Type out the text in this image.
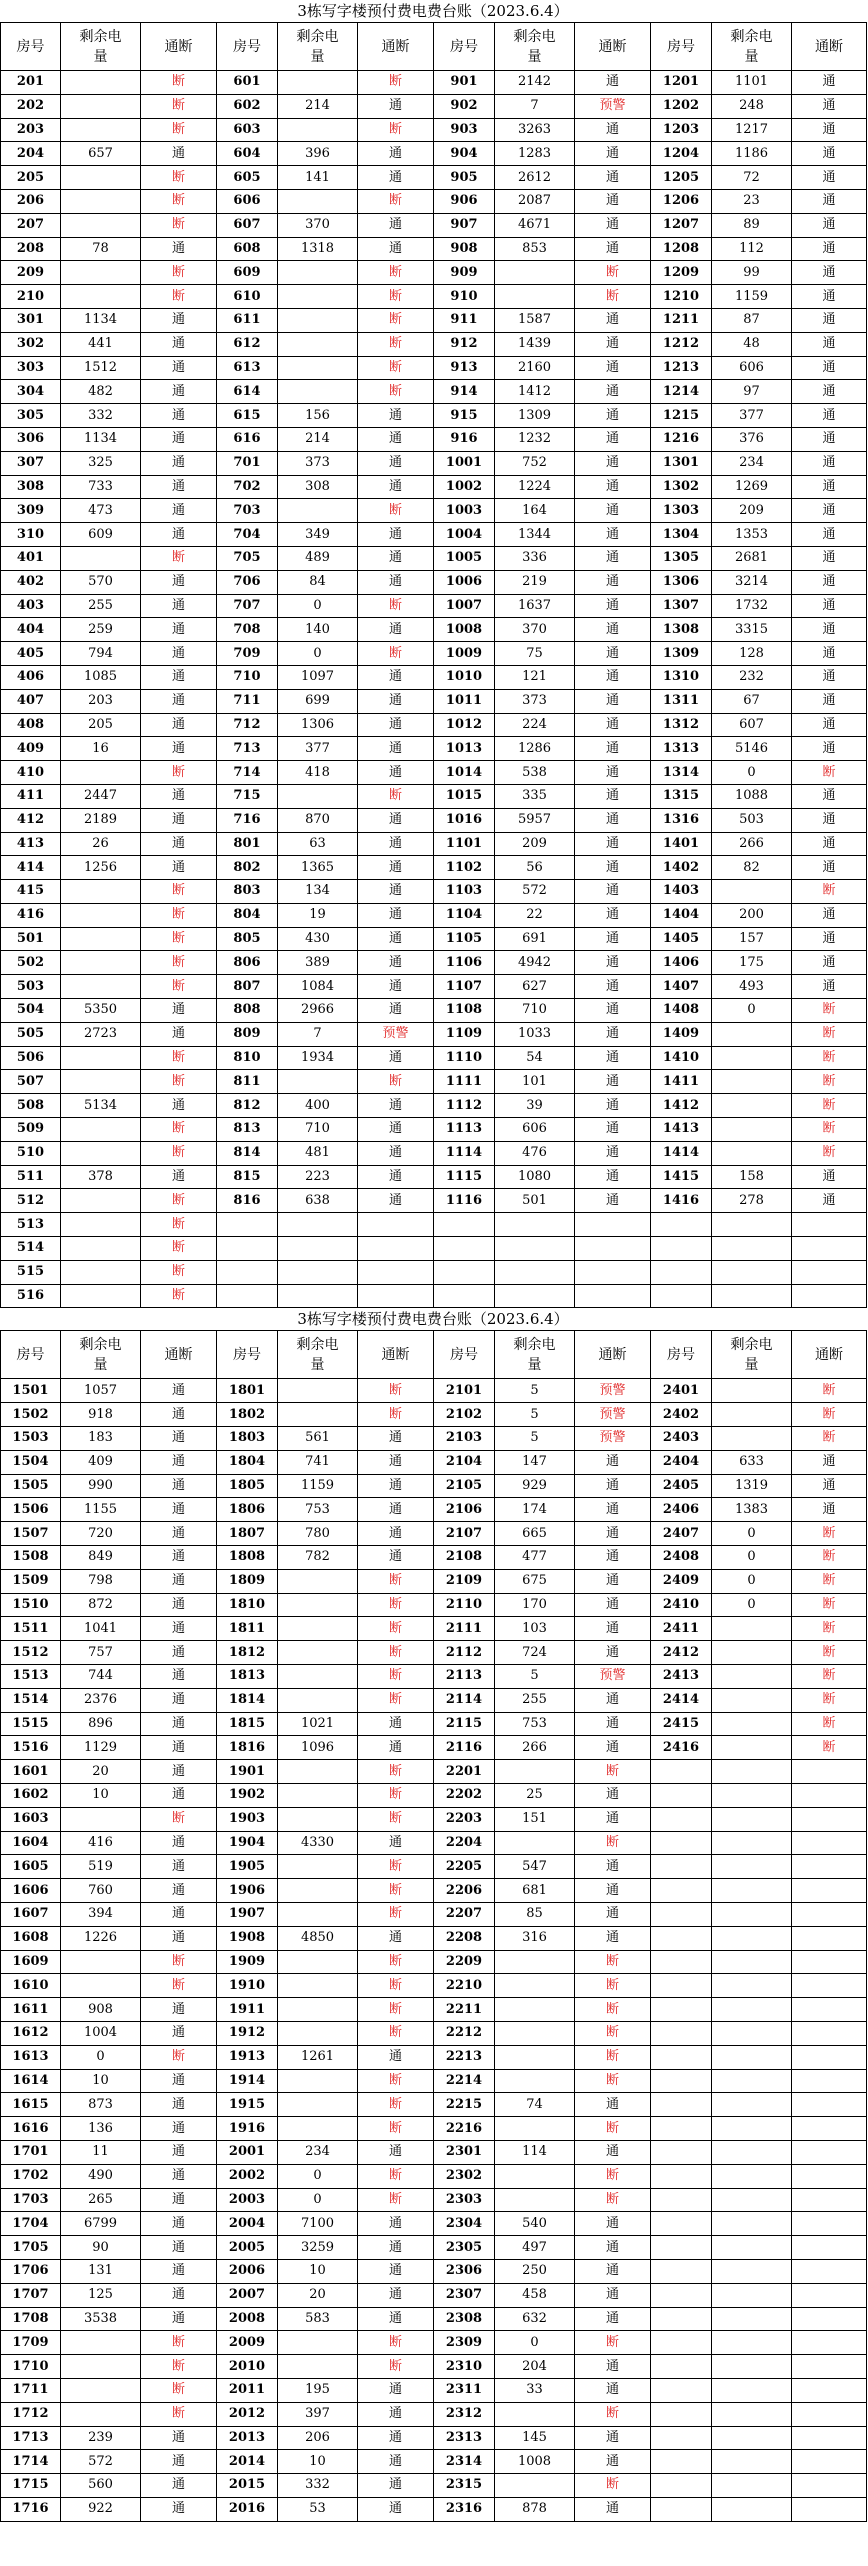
3栋写字楼预付费电费台账（2023.6.4）
房号	剩余电量	通断	房号	剩余电量	通断	房号	剩余电量	通断	房号	剩余电量	通断
201		断	601		断	901	2142	通	1201	1101	通
202		断	602	214	通	902	7	预警	1202	248	通
203		断	603		断	903	3263	通	1203	1217	通
204	657	通	604	396	通	904	1283	通	1204	1186	通
205		断	605	141	通	905	2612	通	1205	72	通
206		断	606		断	906	2087	通	1206	23	通
207		断	607	370	通	907	4671	通	1207	89	通
208	78	通	608	1318	通	908	853	通	1208	112	通
209		断	609		断	909		断	1209	99	通
210		断	610		断	910		断	1210	1159	通
301	1134	通	611		断	911	1587	通	1211	87	通
302	441	通	612		断	912	1439	通	1212	48	通
303	1512	通	613		断	913	2160	通	1213	606	通
304	482	通	614		断	914	1412	通	1214	97	通
305	332	通	615	156	通	915	1309	通	1215	377	通
306	1134	通	616	214	通	916	1232	通	1216	376	通
307	325	通	701	373	通	1001	752	通	1301	234	通
308	733	通	702	308	通	1002	1224	通	1302	1269	通
309	473	通	703		断	1003	164	通	1303	209	通
310	609	通	704	349	通	1004	1344	通	1304	1353	通
401		断	705	489	通	1005	336	通	1305	2681	通
402	570	通	706	84	通	1006	219	通	1306	3214	通
403	255	通	707	0	断	1007	1637	通	1307	1732	通
404	259	通	708	140	通	1008	370	通	1308	3315	通
405	794	通	709	0	断	1009	75	通	1309	128	通
406	1085	通	710	1097	通	1010	121	通	1310	232	通
407	203	通	711	699	通	1011	373	通	1311	67	通
408	205	通	712	1306	通	1012	224	通	1312	607	通
409	16	通	713	377	通	1013	1286	通	1313	5146	通
410		断	714	418	通	1014	538	通	1314	0	断
411	2447	通	715		断	1015	335	通	1315	1088	通
412	2189	通	716	870	通	1016	5957	通	1316	503	通
413	26	通	801	63	通	1101	209	通	1401	266	通
414	1256	通	802	1365	通	1102	56	通	1402	82	通
415		断	803	134	通	1103	572	通	1403		断
416		断	804	19	通	1104	22	通	1404	200	通
501		断	805	430	通	1105	691	通	1405	157	通
502		断	806	389	通	1106	4942	通	1406	175	通
503		断	807	1084	通	1107	627	通	1407	493	通
504	5350	通	808	2966	通	1108	710	通	1408	0	断
505	2723	通	809	7	预警	1109	1033	通	1409		断
506		断	810	1934	通	1110	54	通	1410		断
507		断	811		断	1111	101	通	1411		断
508	5134	通	812	400	通	1112	39	通	1412		断
509		断	813	710	通	1113	606	通	1413		断
510		断	814	481	通	1114	476	通	1414		断
511	378	通	815	223	通	1115	1080	通	1415	158	通
512		断	816	638	通	1116	501	通	1416	278	通
513		断									
514		断									
515		断									
516		断									
3栋写字楼预付费电费台账（2023.6.4）
房号	剩余电量	通断	房号	剩余电量	通断	房号	剩余电量	通断	房号	剩余电量	通断
1501	1057	通	1801		断	2101	5	预警	2401		断
1502	918	通	1802		断	2102	5	预警	2402		断
1503	183	通	1803	561	通	2103	5	预警	2403		断
1504	409	通	1804	741	通	2104	147	通	2404	633	通
1505	990	通	1805	1159	通	2105	929	通	2405	1319	通
1506	1155	通	1806	753	通	2106	174	通	2406	1383	通
1507	720	通	1807	780	通	2107	665	通	2407	0	断
1508	849	通	1808	782	通	2108	477	通	2408	0	断
1509	798	通	1809		断	2109	675	通	2409	0	断
1510	872	通	1810		断	2110	170	通	2410	0	断
1511	1041	通	1811		断	2111	103	通	2411		断
1512	757	通	1812		断	2112	724	通	2412		断
1513	744	通	1813		断	2113	5	预警	2413		断
1514	2376	通	1814		断	2114	255	通	2414		断
1515	896	通	1815	1021	通	2115	753	通	2415		断
1516	1129	通	1816	1096	通	2116	266	通	2416		断
1601	20	通	1901		断	2201		断			
1602	10	通	1902		断	2202	25	通			
1603		断	1903		断	2203	151	通			
1604	416	通	1904	4330	通	2204		断			
1605	519	通	1905		断	2205	547	通			
1606	760	通	1906		断	2206	681	通			
1607	394	通	1907		断	2207	85	通			
1608	1226	通	1908	4850	通	2208	316	通			
1609		断	1909		断	2209		断			
1610		断	1910		断	2210		断			
1611	908	通	1911		断	2211		断			
1612	1004	通	1912		断	2212		断			
1613	0	断	1913	1261	通	2213		断			
1614	10	通	1914		断	2214		断			
1615	873	通	1915		断	2215	74	通			
1616	136	通	1916		断	2216		断			
1701	11	通	2001	234	通	2301	114	通			
1702	490	通	2002	0	断	2302		断			
1703	265	通	2003	0	断	2303		断			
1704	6799	通	2004	7100	通	2304	540	通			
1705	90	通	2005	3259	通	2305	497	通			
1706	131	通	2006	10	通	2306	250	通			
1707	125	通	2007	20	通	2307	458	通			
1708	3538	通	2008	583	通	2308	632	通			
1709		断	2009		断	2309	0	断			
1710		断	2010		断	2310	204	通			
1711		断	2011	195	通	2311	33	通			
1712		断	2012	397	通	2312		断			
1713	239	通	2013	206	通	2313	145	通			
1714	572	通	2014	10	通	2314	1008	通			
1715	560	通	2015	332	通	2315		断			
1716	922	通	2016	53	通	2316	878	通			
